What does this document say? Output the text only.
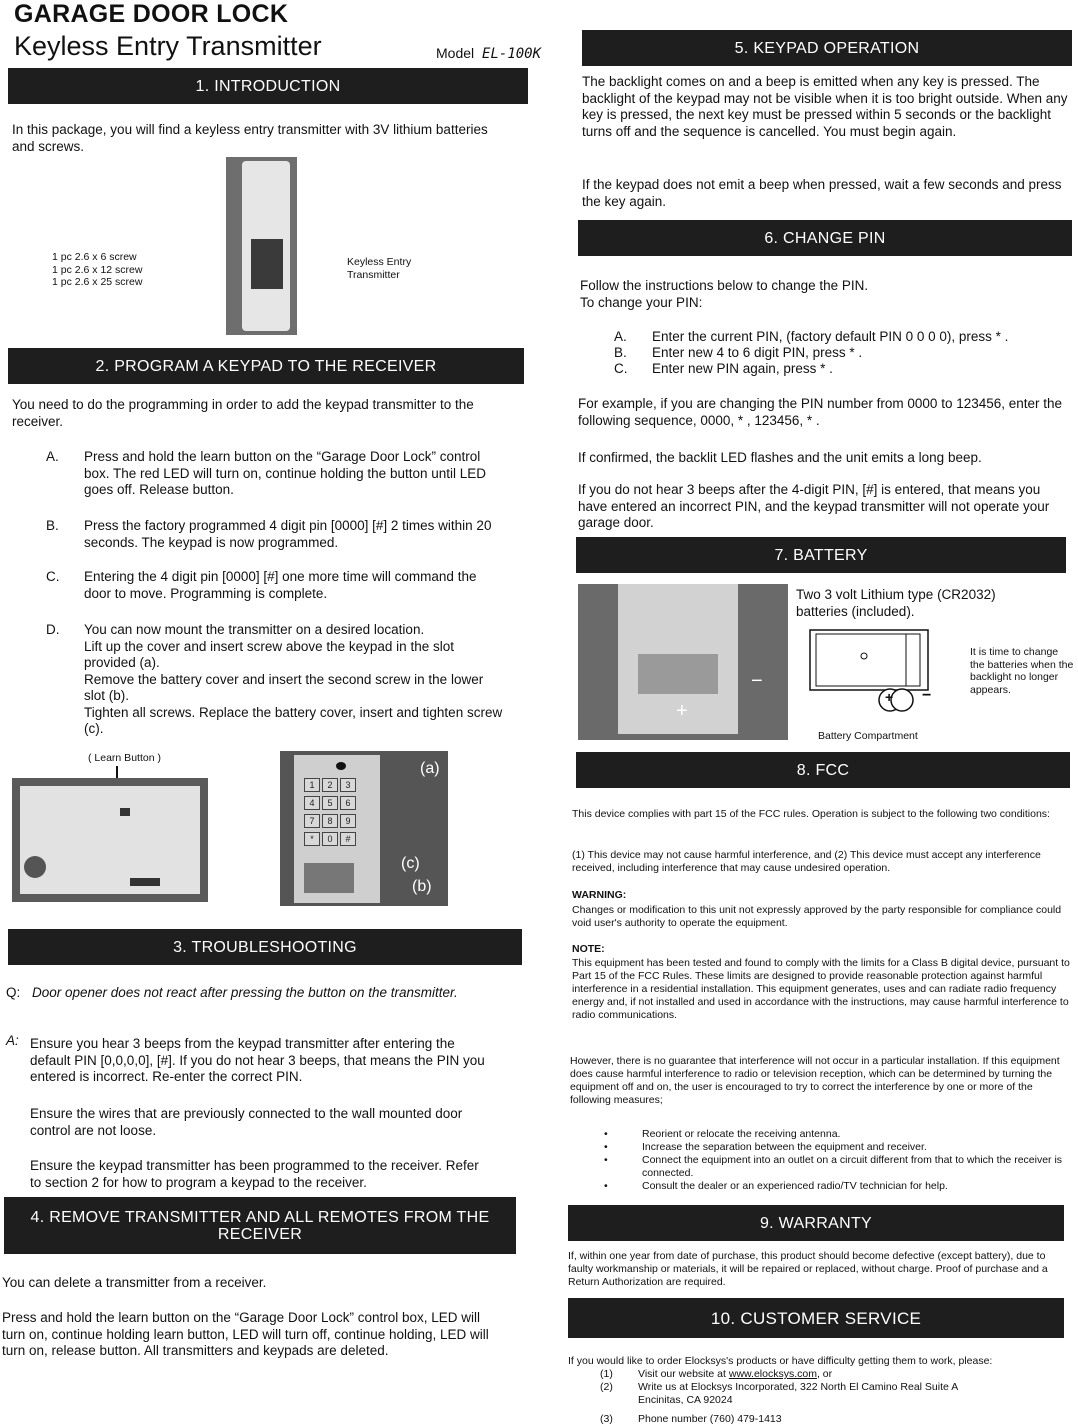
GARAGE DOOR LOCK
Keyless Entry Transmitter	Model EL-100K
1. INTRODUCTION
In this package, you will find a keyless entry transmitter with 3V lithium batteries and screws.
1 pc 2.6 x 6 screw
1 pc 2.6 x 12 screw
1 pc 2.6 x 25 screw
Keyless Entry
Transmitter
2. PROGRAM A KEYPAD TO THE RECEIVER
You need to do the programming in order to add the keypad transmitter to the receiver.
A.	Press and hold the learn button on the “Garage Door Lock” control box. The red LED will turn on, continue holding the button until LED goes off. Release button.
B.	Press the factory programmed 4 digit pin [0000] [#] 2 times within 20 seconds. The keypad is now programmed.
C.	Entering the 4 digit pin [0000] [#] one more time will command the door to move. Programming is complete.
D.	You can now mount the transmitter on a desired location.
Lift up the cover and insert screw above the keypad in the slot provided (a).
Remove the battery cover and insert the second screw in the lower slot (b).
Tighten all screws. Replace the battery cover, insert and tighten screw (c).
( Learn Button )
1	2	3
4	5	6
7	8	9
*	0	#
(a)
(c)
(b)
3. TROUBLESHOOTING
Q: Door opener does not react after pressing the button on the transmitter.
A: Ensure you hear 3 beeps from the keypad transmitter after entering the default PIN [0,0,0,0], [#]. If you do not hear 3 beeps, that means the PIN you entered is incorrect. Re-enter the correct PIN.
Ensure the wires that are previously connected to the wall mounted door control are not loose.
Ensure the keypad transmitter has been programmed to the receiver. Refer to section 2 for how to program a keypad to the receiver.
4. REMOVE TRANSMITTER AND ALL REMOTES FROM THE
RECEIVER
You can delete a transmitter from a receiver.
Press and hold the learn button on the “Garage Door Lock” control box, LED will turn on, continue holding learn button, LED will turn off, continue holding, LED will turn on, release button. All transmitters and keypads are deleted.
5. KEYPAD OPERATION
The backlight comes on and a beep is emitted when any key is pressed. The backlight of the keypad may not be visible when it is too bright outside. When any key is pressed, the next key must be pressed within 5 seconds or the backlight turns off and the sequence is cancelled. You must begin again.
If the keypad does not emit a beep when pressed, wait a few seconds and press the key again.
6. CHANGE PIN
Follow the instructions below to change the PIN.
To change your PIN:
A.	Enter the current PIN, (factory default PIN 0 0 0 0), press * .
B.	Enter new 4 to 6 digit PIN, press * .
C.	Enter new PIN again, press * .
For example, if you are changing the PIN number from 0000 to 123456, enter the following sequence, 0000, * , 123456, * .
If confirmed, the backlit LED flashes and the unit emits a long beep.
If you do not hear 3 beeps after the 4-digit PIN, [#] is entered, that means you have entered an incorrect PIN, and the keypad transmitter will not operate your garage door.
7. BATTERY
+
−
Two 3 volt Lithium type (CR2032)
batteries (included).
+ −
It is time to change the batteries when the backlight no longer appears.
Battery Compartment
8. FCC
This device complies with part 15 of the FCC rules. Operation is subject to the following two conditions:
(1) This device may not cause harmful interference, and (2) This device must accept any interference received, including interference that may cause undesired operation.
WARNING:
Changes or modification to this unit not expressly approved by the party responsible for compliance could void user's authority to operate the equipment.
NOTE:
This equipment has been tested and found to comply with the limits for a Class B digital device, pursuant to Part 15 of the FCC Rules. These limits are designed to provide reasonable protection against harmful interference in a residential installation. This equipment generates, uses and can radiate radio frequency energy and, if not installed and used in accordance with the instructions, may cause harmful interference to radio communications.
However, there is no guarantee that interference will not occur in a particular installation. If this equipment does cause harmful interference to radio or television reception, which can be determined by turning the equipment off and on, the user is encouraged to try to correct the interference by one or more of the following measures;
•	Reorient or relocate the receiving antenna.
•	Increase the separation between the equipment and receiver.
•	Connect the equipment into an outlet on a circuit different from that to which the receiver is connected.
•	Consult the dealer or an experienced radio/TV technician for help.
9. WARRANTY
If, within one year from date of purchase, this product should become defective (except battery), due to faulty workmanship or materials, it will be repaired or replaced, without charge. Proof of purchase and a Return Authorization are required.
10. CUSTOMER SERVICE
If you would like to order Elocksys's products or have difficulty getting them to work, please:
(1)	Visit our website at www.elocksys.com, or
(2)	Write us at Elocksys Incorporated, 322 North El Camino Real Suite A
Encinitas, CA 92024
(3)	Phone number (760) 479-1413
